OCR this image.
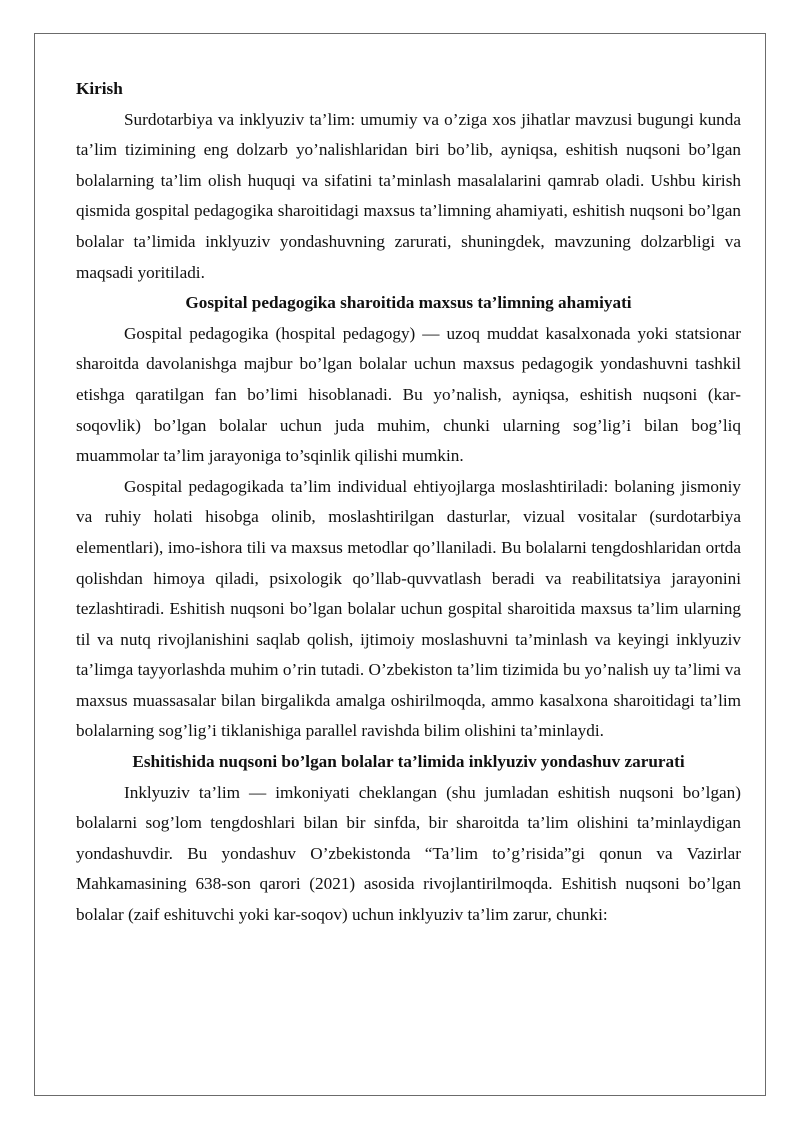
Kirish

Surdotarbiya va inklyuziv ta’lim: umumiy va o’ziga xos jihatlar mavzusi bugungi kunda ta’lim tizimining eng dolzarb yo’nalishlaridan biri bo’lib, ayniqsa, eshitish nuqsoni bo’lgan bolalarning ta’lim olish huquqi va sifatini ta’minlash masalalarini qamrab oladi. Ushbu kirish qismida gospital pedagogika sharoitidagi maxsus ta’limning ahamiyati, eshitish nuqsoni bo’lgan bolalar ta’limida inklyuziv yondashuvning zarurati, shuningdek, mavzuning dolzarbligi va maqsadi yoritiladi.

Gospital pedagogika sharoitida maxsus ta’limning ahamiyati

Gospital pedagogika (hospital pedagogy) — uzoq muddat kasalxonada yoki statsionar sharoitda davolanishga majbur bo’lgan bolalar uchun maxsus pedagogik yondashuvni tashkil etishga qaratilgan fan bo’limi hisoblanadi. Bu yo’nalish, ayniqsa, eshitish nuqsoni (kar-soqovlik) bo’lgan bolalar uchun juda muhim, chunki ularning sog’lig’i bilan bog’liq muammolar ta’lim jarayoniga to’sqinlik qilishi mumkin.

Gospital pedagogikada ta’lim individual ehtiyojlarga moslashtiriladi: bolaning jismoniy va ruhiy holati hisobga olinib, moslashtirilgan dasturlar, vizual vositalar (surdotarbiya elementlari), imo-ishora tili va maxsus metodlar qo’llaniladi. Bu bolalarni tengdoshlaridan ortda qolishdan himoya qiladi, psixologik qo’llab-quvvatlash beradi va reabilitatsiya jarayonini tezlashtiradi. Eshitish nuqsoni bo’lgan bolalar uchun gospital sharoitida maxsus ta’lim ularning til va nutq rivojlanishini saqlab qolish, ijtimoiy moslashuvni ta’minlash va keyingi inklyuziv ta’limga tayyorlashda muhim o’rin tutadi. O’zbekiston ta’lim tizimida bu yo’nalish uy ta’limi va maxsus muassasalar bilan birgalikda amalga oshirilmoqda, ammo kasalxona sharoitidagi ta’lim bolalarning sog’lig’i tiklanishiga parallel ravishda bilim olishini ta’minlaydi.

Eshitishida nuqsoni bo’lgan bolalar ta’limida inklyuziv yondashuv zarurati

Inklyuziv ta’lim — imkoniyati cheklangan (shu jumladan eshitish nuqsoni bo’lgan) bolalarni sog’lom tengdoshlari bilan bir sinfda, bir sharoitda ta’lim olishini ta’minlaydigan yondashuvdir. Bu yondashuv O’zbekistonda “Ta’lim to’g’risida”gi qonun va Vazirlar Mahkamasining 638-son qarori (2021) asosida rivojlantirilmoqda. Eshitish nuqsoni bo’lgan bolalar (zaif eshituvchi yoki kar-soqov) uchun inklyuziv ta’lim zarur, chunki:
